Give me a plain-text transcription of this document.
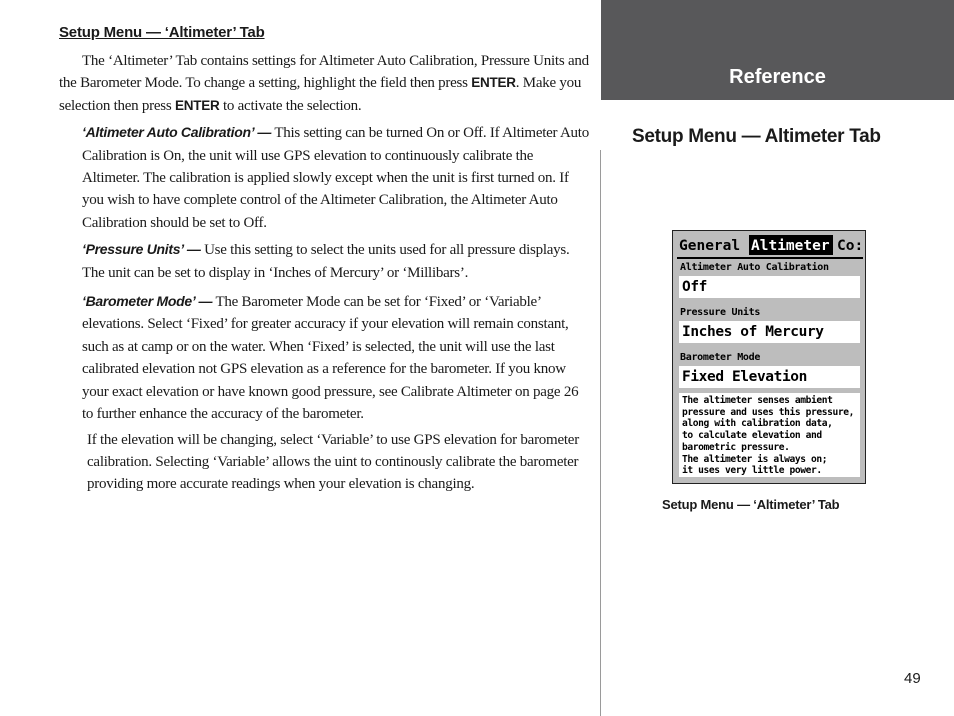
Setup Menu — ‘Altimeter’ Tab

The ‘Altimeter’ Tab contains settings for Altimeter Auto Calibration, Pressure Units and the Barometer Mode. To change a setting, highlight the field then press ENTER. Make you selection then press ENTER to activate the selection.

‘Altimeter Auto Calibration’ — This setting can be turned On or Off. If Altimeter Auto Calibration is On, the unit will use GPS elevation to continuously calibrate the Altimeter. The calibration is applied slowly except when the unit is first turned on. If you wish to have complete control of the Altimeter Calibration, the Altimeter Auto Calibration should be set to Off.

‘Pressure Units’ — Use this setting to select the units used for all pressure displays. The unit can be set to display in ‘Inches of Mercury’ or ‘Millibars’.

‘Barometer Mode’ — The Barometer Mode can be set for ‘Fixed’ or ‘Variable’ elevations. Select ‘Fixed’ for greater accuracy if your elevation will remain constant, such as at camp or on the water. When ‘Fixed’ is selected, the unit will use the last calibrated elevation not GPS elevation as a reference for the barometer. If you know your exact elevation or have known good pressure, see Calibrate Altimeter on page 26 to further enhance the accuracy of the barometer.

If the elevation will be changing, select ‘Variable’ to use GPS elevation for barometer calibration. Selecting ‘Variable’ allows the uint to continously calibrate the barometer providing more accurate readings when your elevation is changing.

Reference
Setup Menu — Altimeter Tab
General Altimeter Co:
Altimeter Auto Calibration
Off
Pressure Units
Inches of Mercury
Barometer Mode
Fixed Elevation
The altimeter senses ambient
pressure and uses this pressure,
along with calibration data,
to calculate elevation and
barometric pressure.
The altimeter is always on;
it uses very little power.
Setup Menu — ‘Altimeter’ Tab
49
